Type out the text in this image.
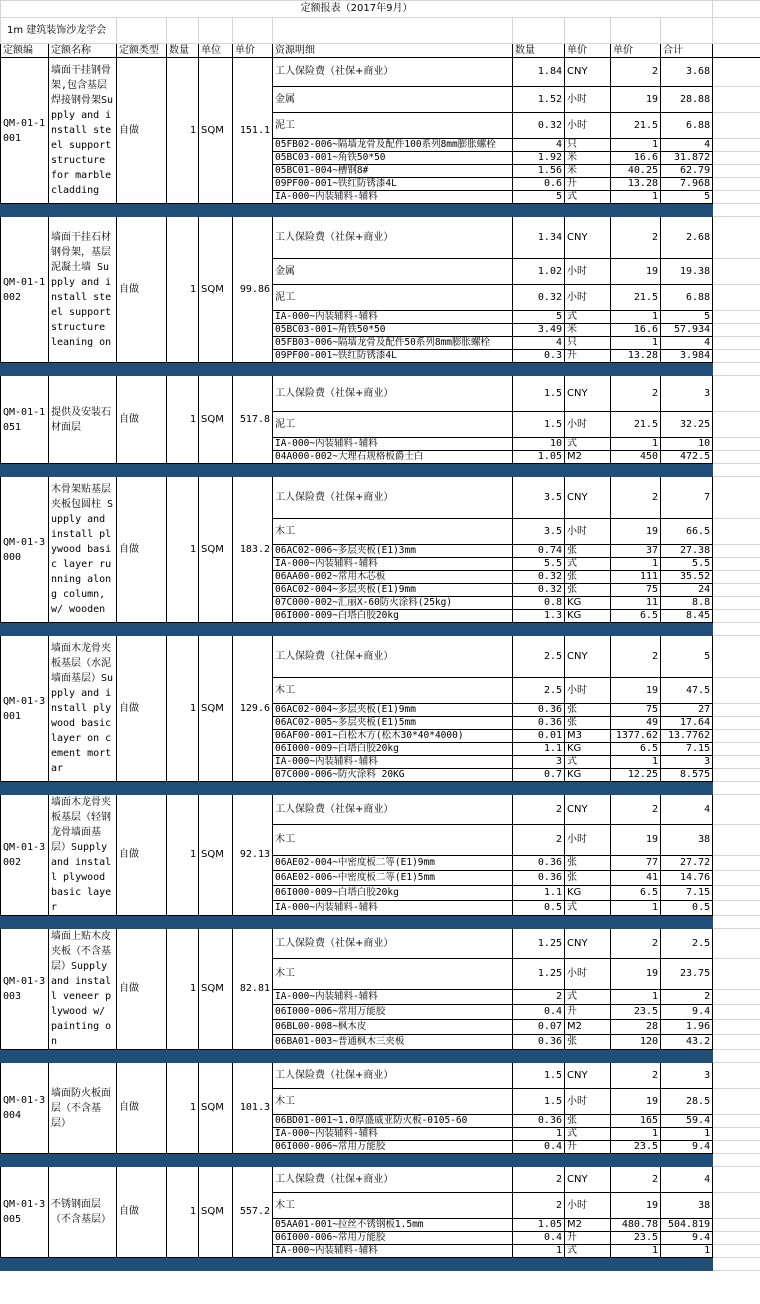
定额报表（2017年9月）											
1m 建筑装饰沙龙学会											
定额编	定额名称	定额类型	数量	单位	单价	资源明细	数量	单价	单价	合计	
QM-01-1001	墙面干挂钢骨架,包含基层焊接钢骨架Supply and install steel support structure for marble cladding	自做	1	SQM	151.1	工人保险费（社保+商业）	1.84	CNY	2	3.68	
						金属	1.52	小时	19	28.88	
						泥工	0.32	小时	21.5	6.88	
						05FB02-006~隔墙龙骨及配件100系列8mm膨胀螺栓	4	只	1	4	
						05BC03-001~角铁50*50	1.92	米	16.6	31.872	
						05BC01-004~槽钢8#	1.56	米	40.25	62.79	
						09PF00-001~铁红防锈漆4L	0.6	升	13.28	7.968	
						IA-000~内装辅料-辅料	5	式	1	5	

QM-01-1002	墙面干挂石材钢骨架，基层泥凝土墙 Supply and install steel support structure leaning on	自做	1	SQM	99.86	工人保险费（社保+商业）	1.34	CNY	2	2.68	
						金属	1.02	小时	19	19.38	
						泥工	0.32	小时	21.5	6.88	
						IA-000~内装辅料-辅料	5	式	1	5	
						05BC03-001~角铁50*50	3.49	米	16.6	57.934	
						05FB03-006~隔墙龙骨及配件50系列8mm膨胀螺栓	4	只	1	4	
						09PF00-001~铁红防锈漆4L	0.3	升	13.28	3.984	

QM-01-1051	提供及安装石材面层	自做	1	SQM	517.8	工人保险费（社保+商业）	1.5	CNY	2	3	
						泥工	1.5	小时	21.5	32.25	
						IA-000~内装辅料-辅料	10	式	1	10	
						04A000-002~大理石规格板爵士白	1.05	M2	450	472.5	

QM-01-3000	木骨架贴基层夹板包圆柱 Supply and install plywood basic layer running along column, w/ wooden	自做	1	SQM	183.2	工人保险费（社保+商业）	3.5	CNY	2	7	
						木工	3.5	小时	19	66.5	
						06AC02-006~多层夹板(E1)3mm	0.74	张	37	27.38	
						IA-000~内装辅料-辅料	5.5	式	1	5.5	
						06AA00-002~常用木芯板	0.32	张	111	35.52	
						06AC02-004~多层夹板(E1)9mm	0.32	张	75	24	
						07C000-002~汇丽X-60防火涂料(25kg)	0.8	KG	11	8.8	
						06I000-009~白塔白胶20kg	1.3	KG	6.5	8.45	

QM-01-3001	墙面木龙骨夹板基层（水泥墙面基层）Supply and install plywood basic layer on cement mortar	自做	1	SQM	129.6	工人保险费（社保+商业）	2.5	CNY	2	5	
						木工	2.5	小时	19	47.5	
						06AC02-004~多层夹板(E1)9mm	0.36	张	75	27	
						06AC02-005~多层夹板(E1)5mm	0.36	张	49	17.64	
						06AF00-001~白松木方(松木30*40*4000)	0.01	M3	1377.62	13.7762	
						06I000-009~白塔白胶20kg	1.1	KG	6.5	7.15	
						IA-000~内装辅料-辅料	3	式	1	3	
						07C000-006~防火涂料 20KG	0.7	KG	12.25	8.575	

QM-01-3002	墙面木龙骨夹板基层（轻钢龙骨墙面基层）Supply and install plywood basic layer	自做	1	SQM	92.13	工人保险费（社保+商业）	2	CNY	2	4	
						木工	2	小时	19	38	
						06AE02-004~中密度板二等(E1)9mm	0.36	张	77	27.72	
						06AE02-006~中密度板二等(E1)5mm	0.36	张	41	14.76	
						06I000-009~白塔白胶20kg	1.1	KG	6.5	7.15	
						IA-000~内装辅料-辅料	0.5	式	1	0.5	

QM-01-3003	墙面上贴木皮夹板（不含基层）Supply and install veneer plywood w/ painting on	自做	1	SQM	82.81	工人保险费（社保+商业）	1.25	CNY	2	2.5	
						木工	1.25	小时	19	23.75	
						IA-000~内装辅料-辅料	2	式	1	2	
						06I000-006~常用万能胶	0.4	升	23.5	9.4	
						06BL00-008~枫木皮	0.07	M2	28	1.96	
						06BA01-003~普通枫木三夹板	0.36	张	120	43.2	

QM-01-3004	墙面防火板面层（不含基层）	自做	1	SQM	101.3	工人保险费（社保+商业）	1.5	CNY	2	3	
						木工	1.5	小时	19	28.5	
						06BD01-001~1.0厚盛威亚防火板-0105-60	0.36	张	165	59.4	
						IA-000~内装辅料-辅料	1	式	1	1	
						06I000-006~常用万能胶	0.4	升	23.5	9.4	

QM-01-3005	不锈钢面层（不含基层）	自做	1	SQM	557.2	工人保险费（社保+商业）	2	CNY	2	4	
						木工	2	小时	19	38	
						05AA01-001~拉丝不锈钢板1.5mm	1.05	M2	480.78	504.819	
						06I000-006~常用万能胶	0.4	升	23.5	9.4	
						IA-000~内装辅料-辅料	1	式	1	1	
